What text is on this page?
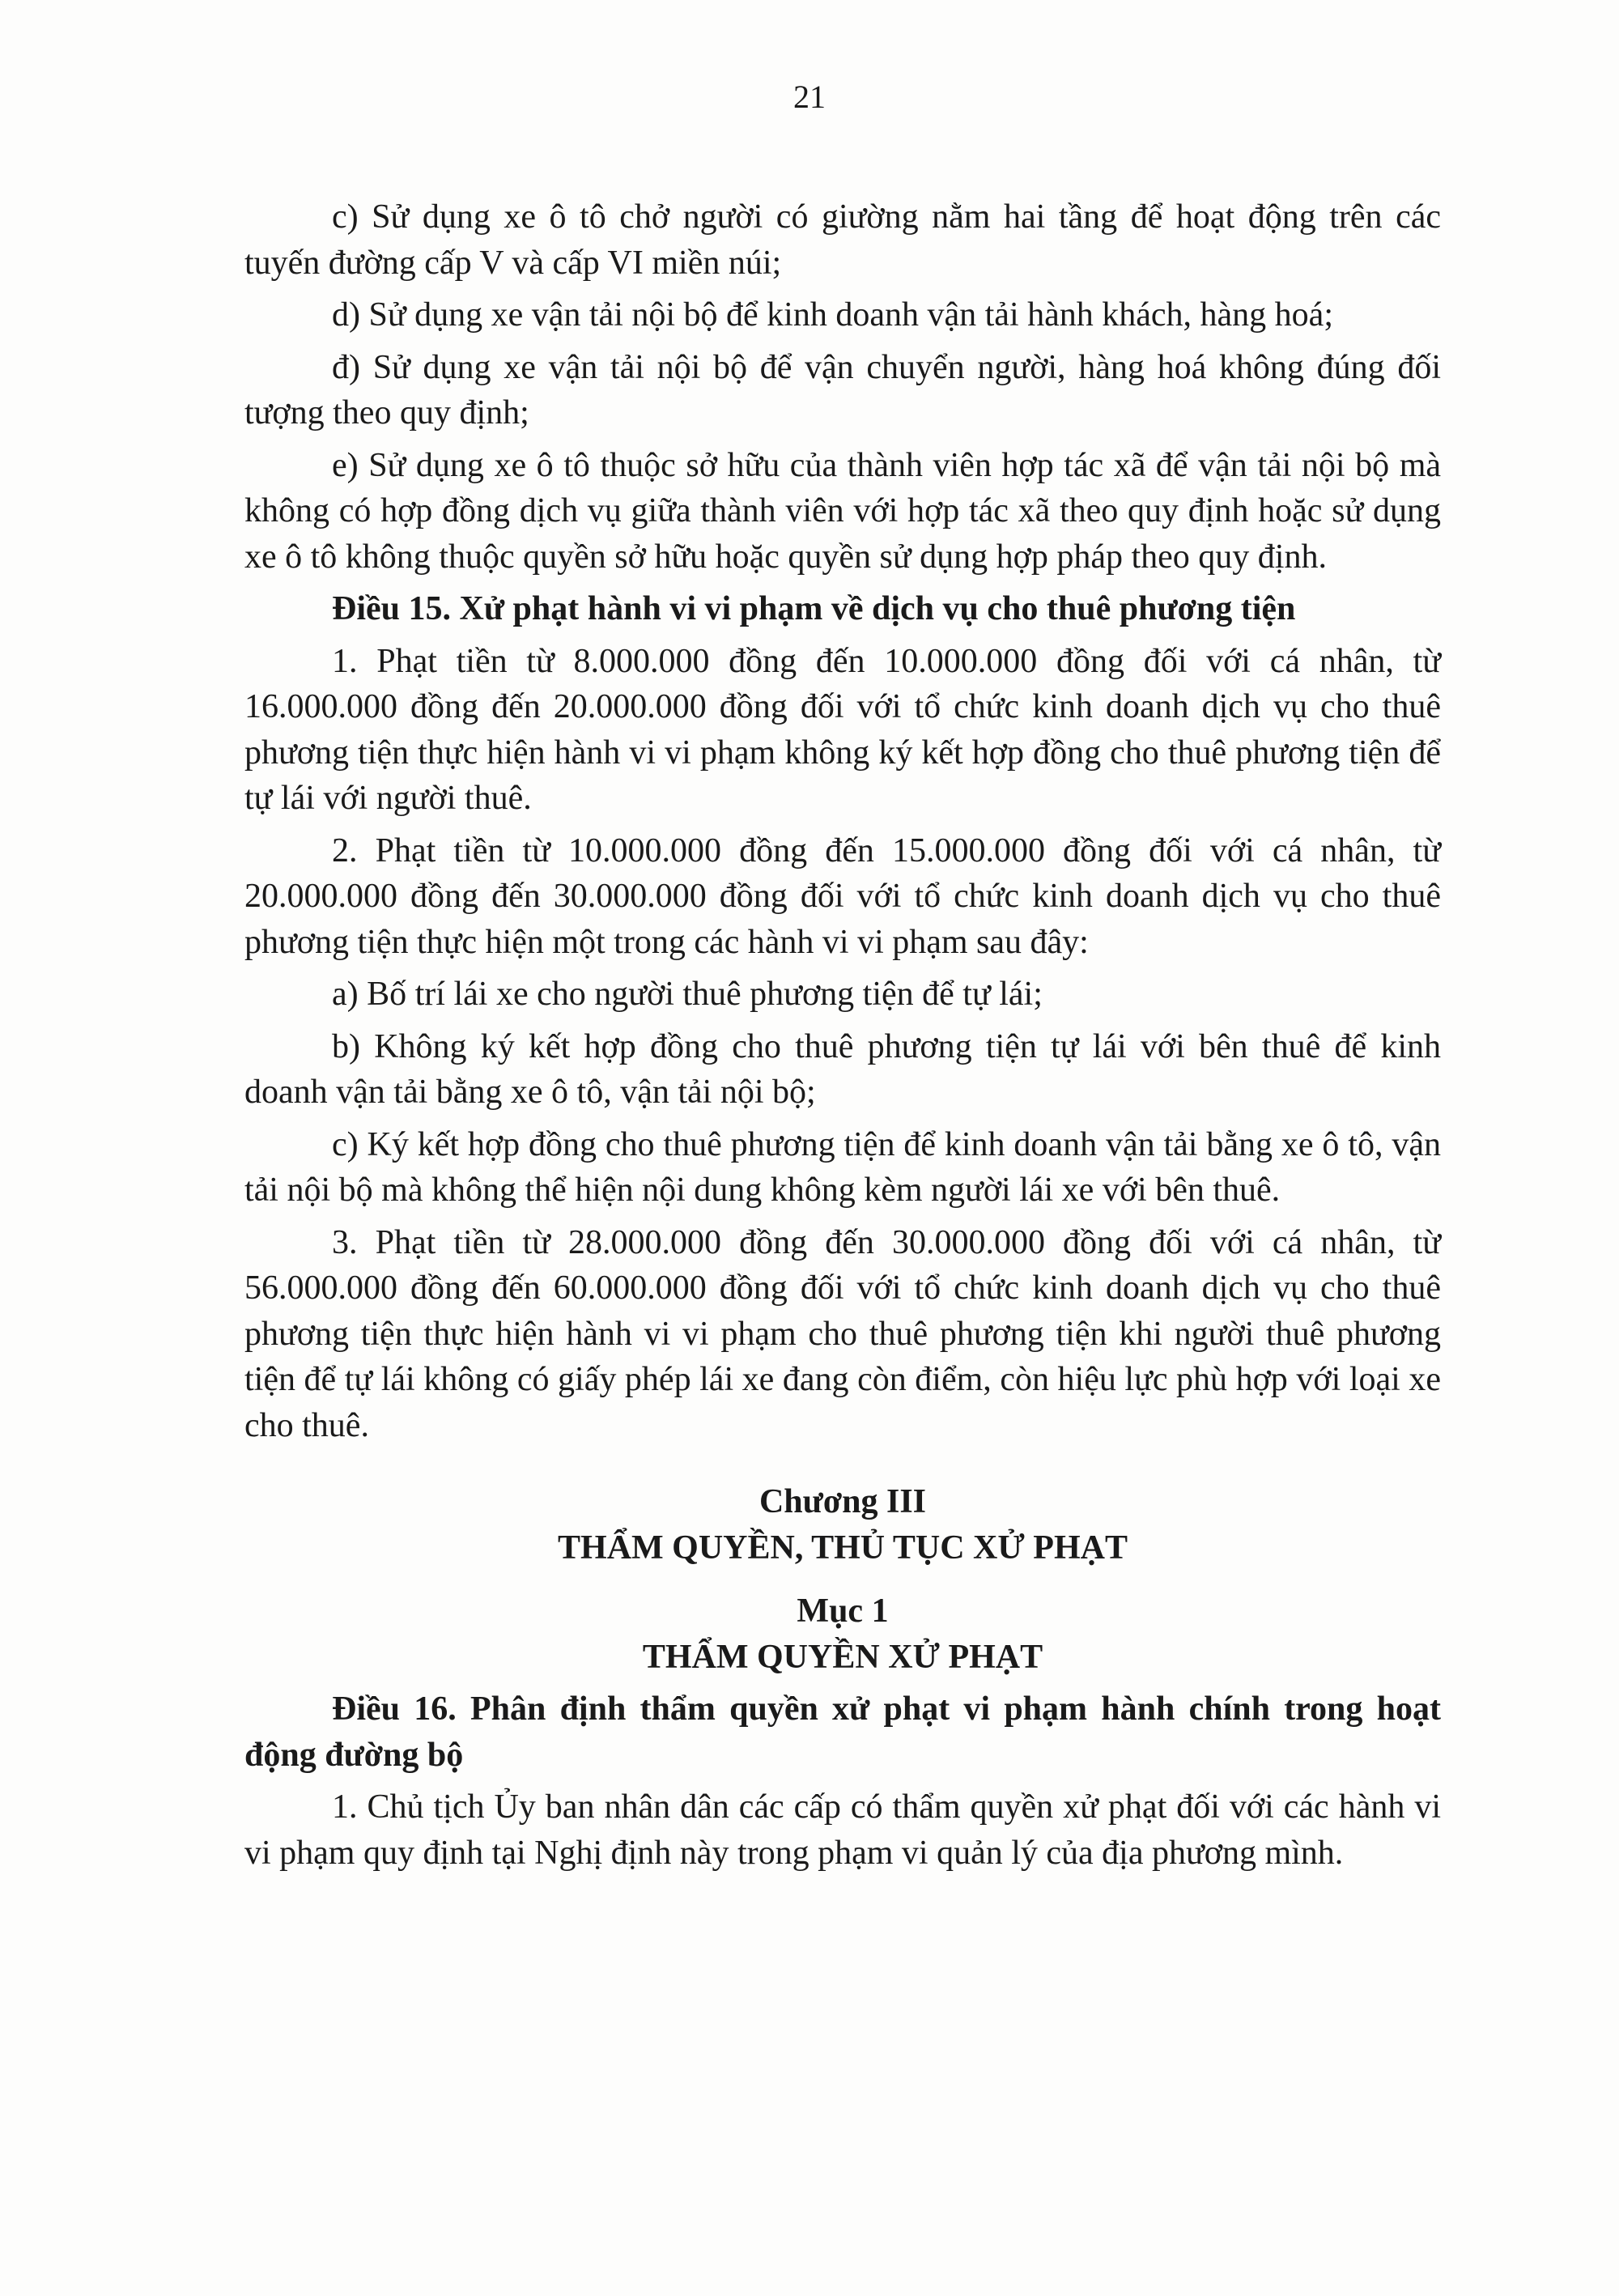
21

c) Sử dụng xe ô tô chở người có giường nằm hai tầng để hoạt động trên các tuyến đường cấp V và cấp VI miền núi;

d) Sử dụng xe vận tải nội bộ để kinh doanh vận tải hành khách, hàng hoá;

đ) Sử dụng xe vận tải nội bộ để vận chuyển người, hàng hoá không đúng đối tượng theo quy định;

e) Sử dụng xe ô tô thuộc sở hữu của thành viên hợp tác xã để vận tải nội bộ mà không có hợp đồng dịch vụ giữa thành viên với hợp tác xã theo quy định hoặc sử dụng xe ô tô không thuộc quyền sở hữu hoặc quyền sử dụng hợp pháp theo quy định.

Điều 15. Xử phạt hành vi vi phạm về dịch vụ cho thuê phương tiện

1. Phạt tiền từ 8.000.000 đồng đến 10.000.000 đồng đối với cá nhân, từ 16.000.000 đồng đến 20.000.000 đồng đối với tổ chức kinh doanh dịch vụ cho thuê phương tiện thực hiện hành vi vi phạm không ký kết hợp đồng cho thuê phương tiện để tự lái với người thuê.

2. Phạt tiền từ 10.000.000 đồng đến 15.000.000 đồng đối với cá nhân, từ 20.000.000 đồng đến 30.000.000 đồng đối với tổ chức kinh doanh dịch vụ cho thuê phương tiện thực hiện một trong các hành vi vi phạm sau đây:

a) Bố trí lái xe cho người thuê phương tiện để tự lái;

b) Không ký kết hợp đồng cho thuê phương tiện tự lái với bên thuê để kinh doanh vận tải bằng xe ô tô, vận tải nội bộ;

c) Ký kết hợp đồng cho thuê phương tiện để kinh doanh vận tải bằng xe ô tô, vận tải nội bộ mà không thể hiện nội dung không kèm người lái xe với bên thuê.

3. Phạt tiền từ 28.000.000 đồng đến 30.000.000 đồng đối với cá nhân, từ 56.000.000 đồng đến 60.000.000 đồng đối với tổ chức kinh doanh dịch vụ cho thuê phương tiện thực hiện hành vi vi phạm cho thuê phương tiện khi người thuê phương tiện để tự lái không có giấy phép lái xe đang còn điểm, còn hiệu lực phù hợp với loại xe cho thuê.

Chương III
THẨM QUYỀN, THỦ TỤC XỬ PHẠT
Mục 1
THẨM QUYỀN XỬ PHẠT

Điều 16. Phân định thẩm quyền xử phạt vi phạm hành chính trong hoạt động đường bộ

1. Chủ tịch Ủy ban nhân dân các cấp có thẩm quyền xử phạt đối với các hành vi vi phạm quy định tại Nghị định này trong phạm vi quản lý của địa phương mình.
